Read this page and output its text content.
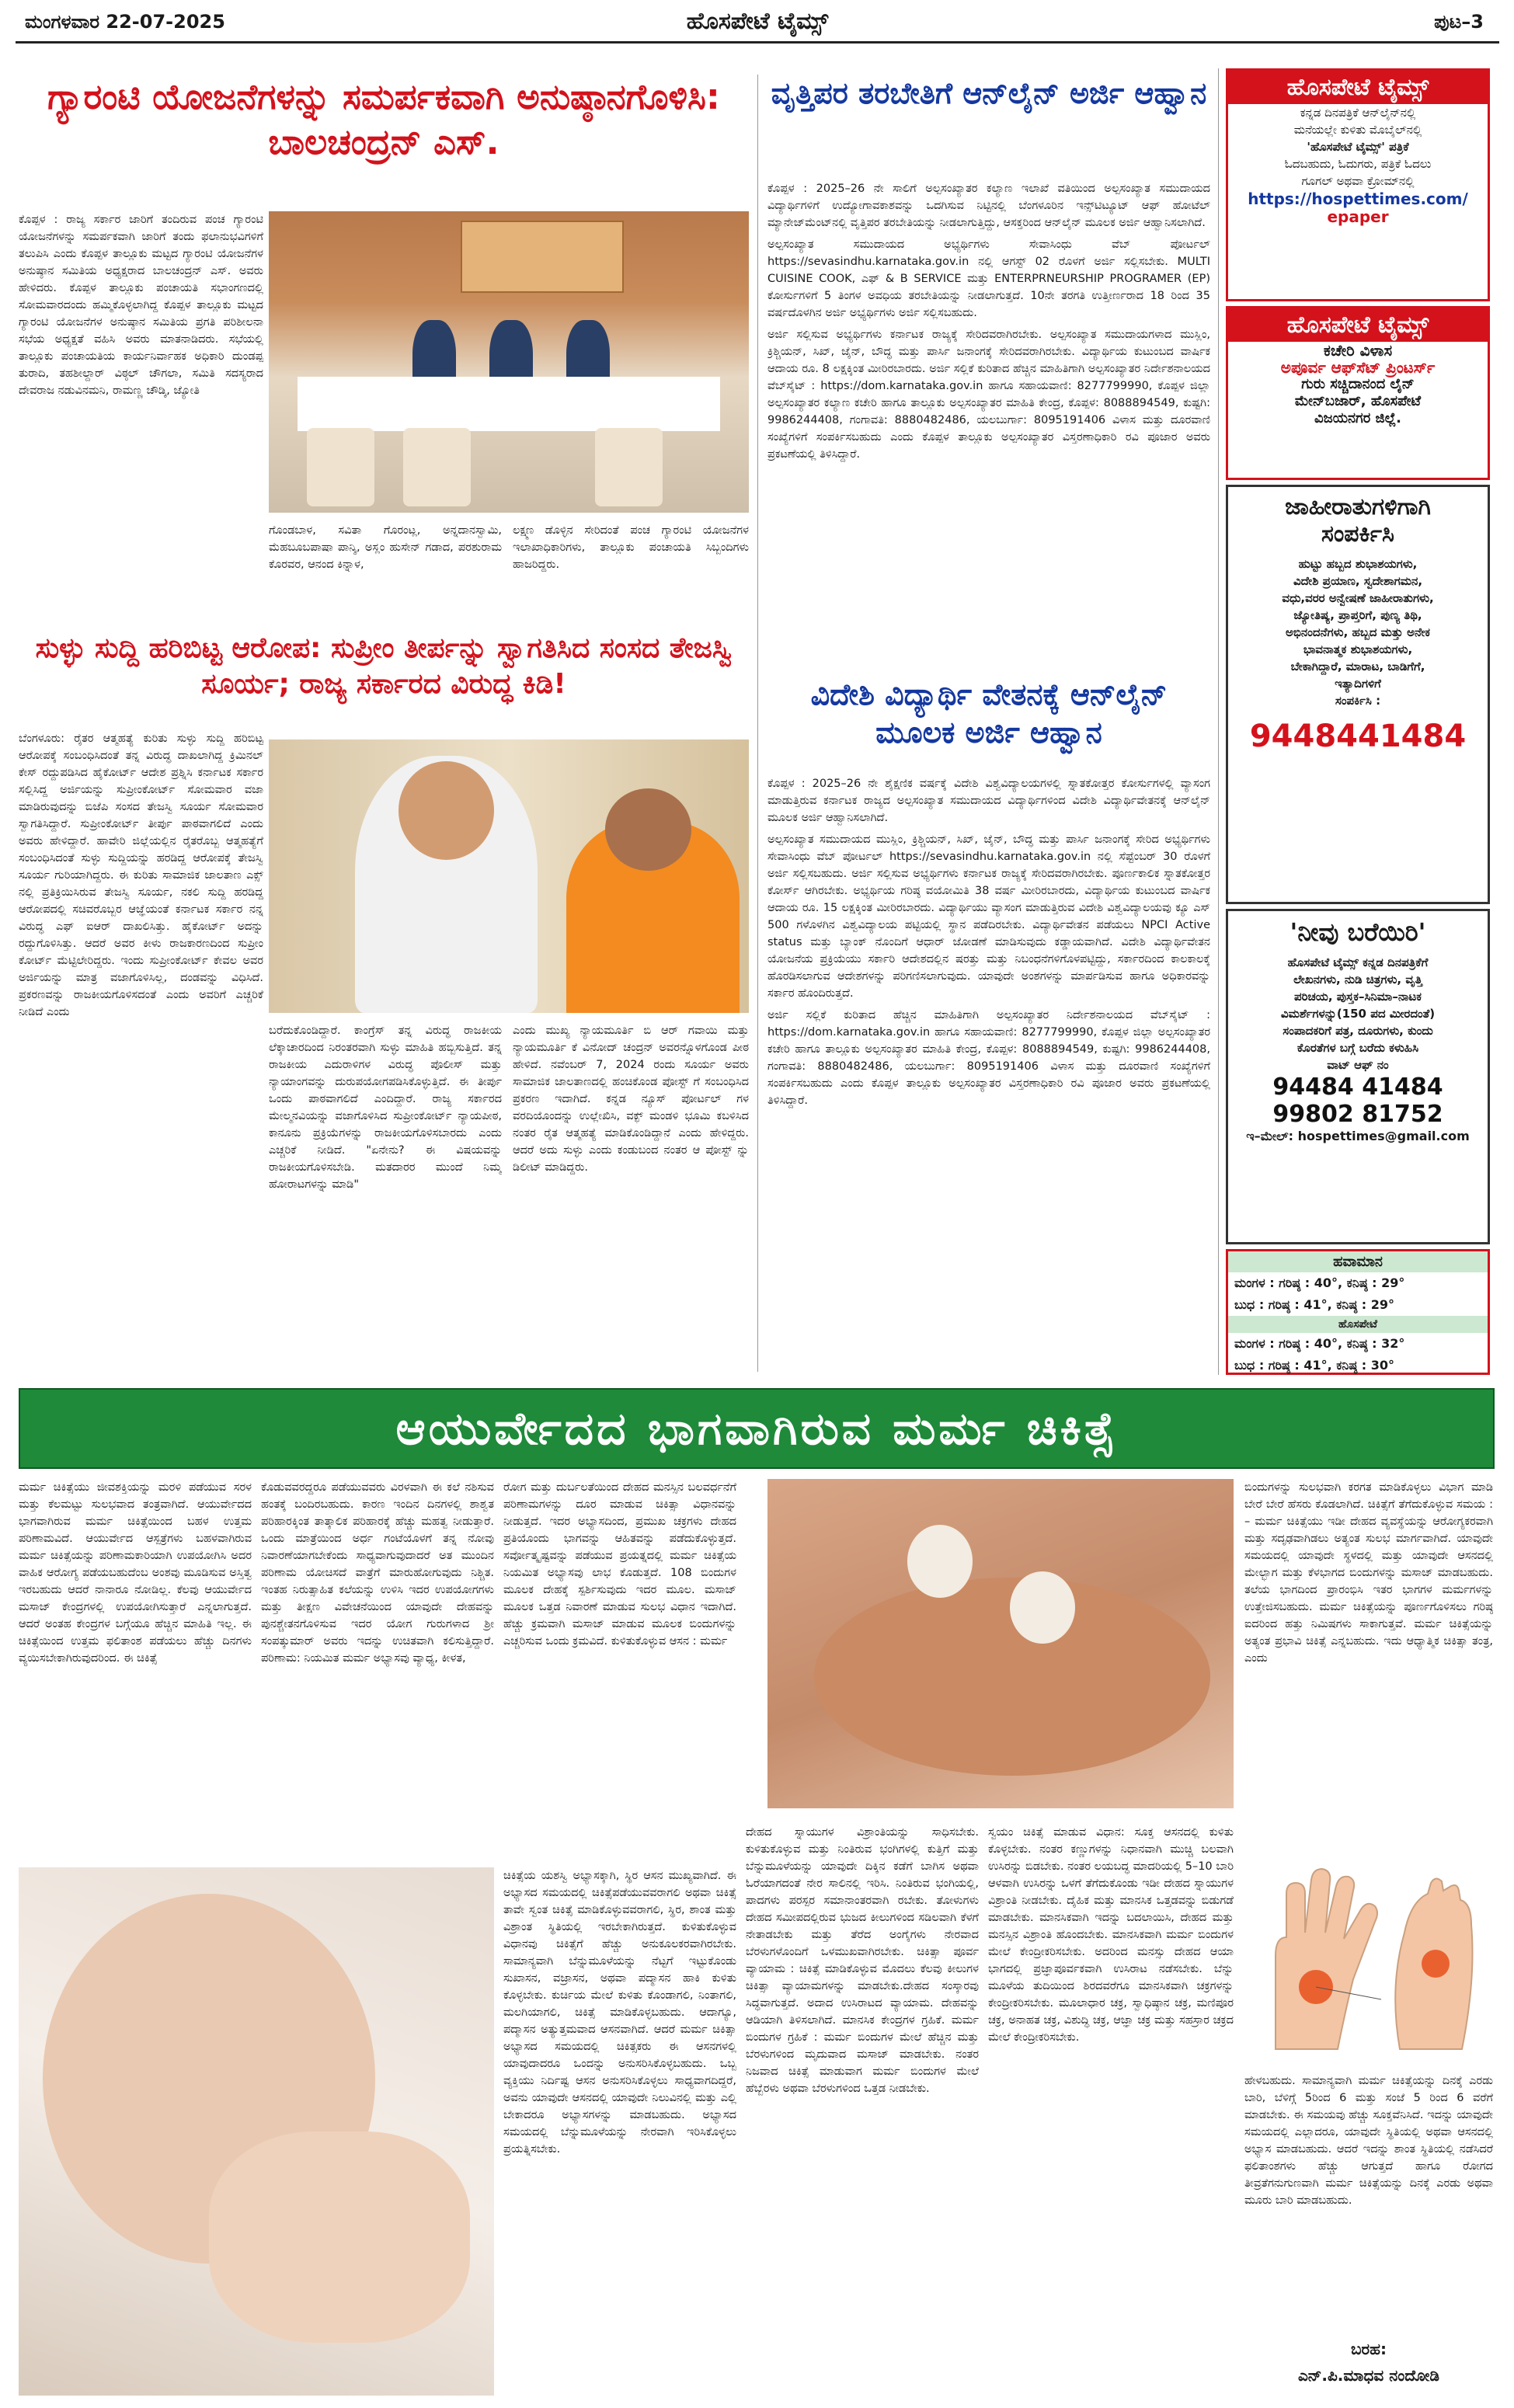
ಮಂಗಳವಾರ 22-07-2025	ಹೊಸಪೇಟೆ ಟೈಮ್ಸ್	ಪುಟ–3
ಗ್ಯಾರಂಟಿ ಯೋಜನೆಗಳನ್ನು ಸಮರ್ಪಕವಾಗಿ ಅನುಷ್ಠಾನಗೊಳಿಸಿ: ಬಾಲಚಂದ್ರನ್ ಎಸ್.
ಕೊಪ್ಪಳ : ರಾಜ್ಯ ಸರ್ಕಾರ ಜಾರಿಗೆ ತಂದಿರುವ ಪಂಚ ಗ್ಯಾರಂಟಿ ಯೋಜನೆಗಳನ್ನು ಸಮರ್ಪಕವಾಗಿ ಜಾರಿಗೆ ತಂದು ಫಲಾನುಭವಿಗಳಿಗೆ ತಲುಪಿಸಿ ಎಂದು ಕೊಪ್ಪಳ ತಾಲ್ಲೂಕು ಮಟ್ಟದ ಗ್ಯಾರಂಟಿ ಯೋಜನೆಗಳ ಅನುಷ್ಠಾನ ಸಮಿತಿಯ ಅಧ್ಯಕ್ಷರಾದ ಬಾಲಚಂದ್ರನ್ ಎಸ್. ಅವರು ಹೇಳಿದರು. ಕೊಪ್ಪಳ ತಾಲ್ಲೂಕು ಪಂಚಾಯತಿ ಸಭಾಂಗಣದಲ್ಲಿ ಸೋಮವಾರದಂದು ಹಮ್ಮಿಕೊಳ್ಳಲಾಗಿದ್ದ ಕೊಪ್ಪಳ ತಾಲ್ಲೂಕು ಮಟ್ಟದ ಗ್ಯಾರಂಟಿ ಯೋಜನೆಗಳ ಅನುಷ್ಠಾನ ಸಮಿತಿಯ ಪ್ರಗತಿ ಪರಿಶೀಲನಾ ಸಭೆಯ ಅಧ್ಯಕ್ಷತೆ ವಹಿಸಿ ಅವರು ಮಾತನಾಡಿದರು. ಸಭೆಯಲ್ಲಿ ತಾಲ್ಲೂಕು ಪಂಚಾಯತಿಯ ಕಾರ್ಯನಿರ್ವಾಹಕ ಅಧಿಕಾರಿ ದುಂಡಪ್ಪ ತುರಾದಿ, ತಹಶೀಲ್ದಾರ್ ವಿಠ್ಠಲ್ ಚೌಗಲಾ, ಸಮಿತಿ ಸದಸ್ಯರಾದ ದೇವರಾಜ ನಡುವಿನಮನಿ, ರಾಮಣ್ಣ ಚೌಡ್ಕಿ, ಜ್ಯೋತಿ
ಗೊಂಡಬಾಳ, ಸವಿತಾ ಗೊರಂಟ್ಲ, ಅನ್ನದಾನಸ್ವಾಮಿ, ಮೆಹಬೂಬಪಾಷಾ ಪಾನ್ಶಿ, ಅಸ್ಲಂ ಹುಸೇನ್ ಗಡಾದ, ಪರಶುರಾಮ ಕೊರವರ, ಆನಂದ ಕಿನ್ನಾಳ,
ಲಕ್ಷ್ಮಣ ಡೊಳ್ಳಿನ ಸೇರಿದಂತೆ ಪಂಚ ಗ್ಯಾರಂಟಿ ಯೋಜನೆಗಳ ಇಲಾಖಾಧಿಕಾರಿಗಳು, ತಾಲ್ಲೂಕು ಪಂಚಾಯತಿ ಸಿಬ್ಬಂದಿಗಳು ಹಾಜರಿದ್ದರು.
ಸುಳ್ಳು ಸುದ್ದಿ ಹರಿಬಿಟ್ಟ ಆರೋಪ: ಸುಪ್ರೀಂ ತೀರ್ಪನ್ನು ಸ್ವಾಗತಿಸಿದ ಸಂಸದ ತೇಜಸ್ವಿ ಸೂರ್ಯ; ರಾಜ್ಯ ಸರ್ಕಾರದ ವಿರುದ್ಧ ಕಿಡಿ!
ಬೆಂಗಳೂರು: ರೈತರ ಆತ್ಮಹತ್ಯೆ ಕುರಿತು ಸುಳ್ಳು ಸುದ್ದಿ ಹರಿಬಿಟ್ಟ ಆರೋಪಕ್ಕೆ ಸಂಬಂಧಿಸಿದಂತೆ ತನ್ನ ವಿರುದ್ಧ ದಾಖಲಾಗಿದ್ದ ಕ್ರಿಮಿನಲ್ ಕೇಸ್ ರದ್ದುಪಡಿಸಿದ ಹೈಕೋರ್ಟ್ ಆದೇಶ ಪ್ರಶ್ನಿಸಿ ಕರ್ನಾಟಕ ಸರ್ಕಾರ ಸಲ್ಲಿಸಿದ್ದ ಅರ್ಜಿಯನ್ನು ಸುಪ್ರೀಂಕೋರ್ಟ್ ಸೋಮವಾರ ವಜಾ ಮಾಡಿರುವುದನ್ನು ಬಿಜೆಪಿ ಸಂಸದ ತೇಜಸ್ವಿ ಸೂರ್ಯ ಸೋಮವಾರ ಸ್ವಾಗತಿಸಿದ್ದಾರೆ. ಸುಪ್ರೀಂಕೋರ್ಟ್ ತೀರ್ಪು ಪಾಠವಾಗಲಿದೆ ಎಂದು ಅವರು ಹೇಳಿದ್ದಾರೆ. ಹಾವೇರಿ ಜಿಲ್ಲೆಯಲ್ಲಿನ ರೈತರೊಬ್ಬ ಆತ್ಮಹತ್ಯೆಗೆ ಸಂಬಂಧಿಸಿದಂತೆ ಸುಳ್ಳು ಸುದ್ದಿಯನ್ನು ಹರಡಿದ್ದ ಆರೋಪಕ್ಕೆ ತೇಜಸ್ವಿ ಸೂರ್ಯ ಗುರಿಯಾಗಿದ್ದರು. ಈ ಕುರಿತು ಸಾಮಾಜಿಕ ಜಾಲತಾಣ ಎಕ್ಸ್ ನಲ್ಲಿ ಪ್ರತಿಕ್ರಿಯಿಸಿರುವ ತೇಜಸ್ವಿ ಸೂರ್ಯ, ನಕಲಿ ಸುದ್ದಿ ಹರಡಿದ್ದ ಆರೋಪದಲ್ಲಿ ಸಚಿವರೊಬ್ಬರ ಆಜ್ಞೆಯಂತೆ ಕರ್ನಾಟಕ ಸರ್ಕಾರ ನನ್ನ ವಿರುದ್ಧ ಎಫ್ ಐಆರ್ ದಾಖಲಿಸಿತ್ತು. ಹೈಕೋರ್ಟ್ ಅದನ್ನು ರದ್ದುಗೊಳಿಸಿತ್ತು. ಆದರೆ ಅವರ ಕೀಳು ರಾಜಕಾರಣದಿಂದ ಸುಪ್ರೀಂ ಕೋರ್ಟ್ ಮೆಟ್ಟಿಲೇರಿದ್ದರು. ಇಂದು ಸುಪ್ರೀಂಕೋರ್ಟ್ ಕೇವಲ ಅವರ ಅರ್ಜಿಯನ್ನು ಮಾತ್ರ ವಜಾಗೊಳಿಸಿಲ್ಲ, ದಂಡವನ್ನು ವಿಧಿಸಿದೆ. ಪ್ರಕರಣವನ್ನು ರಾಜಕೀಯಗೊಳಿಸದಂತೆ ಎಂದು ಅವರಿಗೆ ಎಚ್ಚರಿಕೆ ನೀಡಿದೆ ಎಂದು
ಬರೆದುಕೊಂಡಿದ್ದಾರೆ. ಕಾಂಗ್ರೆಸ್ ತನ್ನ ವಿರುದ್ಧ ರಾಜಕೀಯ ಲೆಕ್ಕಾಚಾರದಿಂದ ನಿರಂತರವಾಗಿ ಸುಳ್ಳು ಮಾಹಿತಿ ಹಬ್ಬಿಸುತ್ತಿದೆ. ತನ್ನ ರಾಜಕೀಯ ಎದುರಾಳಿಗಳ ವಿರುದ್ಧ ಪೊಲೀಸ್ ಮತ್ತು ನ್ಯಾಯಾಂಗವನ್ನು ದುರುಪಯೋಗಪಡಿಸಿಕೊಳ್ಳುತ್ತಿದೆ. ಈ ತೀರ್ಪು ಒಂದು ಪಾಠವಾಗಲಿದೆ ಎಂದಿದ್ದಾರೆ. ರಾಜ್ಯ ಸರ್ಕಾರದ ಮೇಲ್ಮನವಿಯನ್ನು ವಜಾಗೊಳಿಸಿದ ಸುಪ್ರೀಂಕೋರ್ಟ್ ನ್ಯಾಯಪೀಠ, ಕಾನೂನು ಪ್ರಕ್ರಿಯೆಗಳನ್ನು ರಾಜಕೀಯಗೊಳಿಸಬಾರದು ಎಂದು ಎಚ್ಚರಿಕೆ ನೀಡಿದೆ. "ಏನೇನು? ಈ ವಿಷಯವನ್ನು ರಾಜಕೀಯಗೊಳಿಸಬೇಡಿ. ಮತದಾರರ ಮುಂದೆ ನಿಮ್ಮ ಹೋರಾಟಗಳನ್ನು ಮಾಡಿ"
ಎಂದು ಮುಖ್ಯ ನ್ಯಾಯಮೂರ್ತಿ ಬಿ ಆರ್ ಗವಾಯಿ ಮತ್ತು ನ್ಯಾಯಮೂರ್ತಿ ಕೆ ವಿನೋದ್ ಚಂದ್ರನ್ ಅವರನ್ನೊಳಗೊಂಡ ಪೀಠ ಹೇಳಿದೆ. ನವೆಂಬರ್ 7, 2024 ರಂದು ಸೂರ್ಯ ಅವರು ಸಾಮಾಜಿಕ ಜಾಲತಾಣದಲ್ಲಿ ಹಂಚಿಕೊಂಡ ಪೋಸ್ಟ್ ಗೆ ಸಂಬಂಧಿಸಿದ ಪ್ರಕರಣ ಇದಾಗಿದೆ. ಕನ್ನಡ ನ್ಯೂಸ್ ಪೋರ್ಟಲ್ ಗಳ ವರದಿಯೊಂದನ್ನು ಉಲ್ಲೇಖಿಸಿ, ವಕ್ಫ್ ಮಂಡಳಿ ಭೂಮಿ ಕಬಳಿಸಿದ ನಂತರ ರೈತ ಆತ್ಮಹತ್ಯೆ ಮಾಡಿಕೊಂಡಿದ್ದಾನೆ ಎಂದು ಹೇಳಿದ್ದರು. ಆದರೆ ಅದು ಸುಳ್ಳು ಎಂದು ಕಂಡುಬಂದ ನಂತರ ಆ ಪೋಸ್ಟ್ ನ್ನು ಡಿಲೀಟ್ ಮಾಡಿದ್ದರು.
ವೃತ್ತಿಪರ ತರಬೇತಿಗೆ ಆನ್‌ಲೈನ್ ಅರ್ಜಿ ಆಹ್ವಾನ

ಕೊಪ್ಪಳ : 2025–26 ನೇ ಸಾಲಿಗೆ ಅಲ್ಪಸಂಖ್ಯಾತರ ಕಲ್ಯಾಣ ಇಲಾಖೆ ವತಿಯಿಂದ ಅಲ್ಪಸಂಖ್ಯಾತ ಸಮುದಾಯದ ವಿದ್ಯಾರ್ಥಿಗಳಿಗೆ ಉದ್ಯೋಗಾವಕಾಶವನ್ನು ಒದಗಿಸುವ ನಿಟ್ಟಿನಲ್ಲಿ ಬೆಂಗಳೂರಿನ ಇನ್ಸ್‌ಟಿಟ್ಯೂಟ್ ಆಫ್ ಹೋಟೆಲ್ ಮ್ಯಾನೇಜ್‌ಮೆಂಟ್‌ನಲ್ಲಿ ವೃತ್ತಿಪರ ತರಬೇತಿಯನ್ನು ನೀಡಲಾಗುತ್ತಿದ್ದು, ಆಸಕ್ತರಿಂದ ಆನ್‌ಲೈನ್ ಮೂಲಕ ಅರ್ಜಿ ಆಹ್ವಾನಿಸಲಾಗಿದೆ.

ಅಲ್ಪಸಂಖ್ಯಾತ ಸಮುದಾಯದ ಅಭ್ಯರ್ಥಿಗಳು ಸೇವಾಸಿಂಧು ವೆಬ್ ಪೋರ್ಟಲ್ https://sevasindhu.karnataka.gov.in ನಲ್ಲಿ ಆಗಸ್ಟ್ 02 ರೊಳಗೆ ಅರ್ಜಿ ಸಲ್ಲಿಸಬೇಕು. MULTI CUISINE COOK, ಎಫ್ & B SERVICE ಮತ್ತು ENTERPRNEURSHIP PROGRAMER (EP) ಕೋರ್ಸುಗಳಿಗೆ 5 ತಿಂಗಳ ಅವಧಿಯ ತರಬೇತಿಯನ್ನು ನೀಡಲಾಗುತ್ತದೆ. 10ನೇ ತರಗತಿ ಉತ್ತೀರ್ಣರಾದ 18 ರಿಂದ 35 ವರ್ಷದೊಳಗಿನ ಅರ್ಜಿ ಅಭ್ಯರ್ಥಿಗಳು ಅರ್ಜಿ ಸಲ್ಲಿಸಬಹುದು.

ಅರ್ಜಿ ಸಲ್ಲಿಸುವ ಅಭ್ಯರ್ಥಿಗಳು ಕರ್ನಾಟಕ ರಾಜ್ಯಕ್ಕೆ ಸೇರಿದವರಾಗಿರಬೇಕು. ಅಲ್ಪಸಂಖ್ಯಾತ ಸಮುದಾಯಗಳಾದ ಮುಸ್ಲಿಂ, ಕ್ರಿಶ್ಚಿಯನ್, ಸಿಖ್, ಜೈನ್, ಬೌದ್ಧ ಮತ್ತು ಪಾರ್ಸಿ ಜನಾಂಗಕ್ಕೆ ಸೇರಿದವರಾಗಿರಬೇಕು. ವಿದ್ಯಾರ್ಥಿಯ ಕುಟುಂಬದ ವಾರ್ಷಿಕ ಆದಾಯ ರೂ. 8 ಲಕ್ಷಕ್ಕಿಂತ ಮೀರಿರಬಾರದು. ಅರ್ಜಿ ಸಲ್ಲಿಕೆ ಕುರಿತಾದ ಹೆಚ್ಚಿನ ಮಾಹಿತಿಗಾಗಿ ಅಲ್ಪಸಂಖ್ಯಾತರ ನಿರ್ದೇಶನಾಲಯದ ವೆಬ್‌ಸೈಟ್ : https://dom.karnataka.gov.in ಹಾಗೂ ಸಹಾಯವಾಣಿ: 8277799990, ಕೊಪ್ಪಳ ಜಿಲ್ಲಾ ಅಲ್ಪಸಂಖ್ಯಾತರ ಕಲ್ಯಾಣ ಕಚೇರಿ ಹಾಗೂ ತಾಲ್ಲೂಕು ಅಲ್ಪಸಂಖ್ಯಾತರ ಮಾಹಿತಿ ಕೇಂದ್ರ, ಕೊಪ್ಪಳ: 8088894549, ಕುಷ್ಟಗಿ: 9986244408, ಗಂಗಾವತಿ: 8880482486, ಯಲಬುರ್ಗಾ: 8095191406 ವಿಳಾಸ ಮತ್ತು ದೂರವಾಣಿ ಸಂಖ್ಯೆಗಳಿಗೆ ಸಂಪರ್ಕಿಸಬಹುದು ಎಂದು ಕೊಪ್ಪಳ ತಾಲ್ಲೂಕು ಅಲ್ಪಸಂಖ್ಯಾತರ ವಿಸ್ತರಣಾಧಿಕಾರಿ ರವಿ ಪೂಜಾರ ಅವರು ಪ್ರಕಟಣೆಯಲ್ಲಿ ತಿಳಿಸಿದ್ದಾರೆ.

ವಿದೇಶಿ ವಿದ್ಯಾರ್ಥಿ ವೇತನಕ್ಕೆ ಆನ್‌ಲೈನ್ ಮೂಲಕ ಅರ್ಜಿ ಆಹ್ವಾನ

ಕೊಪ್ಪಳ : 2025–26 ನೇ ಶೈಕ್ಷಣಿಕ ವರ್ಷಕ್ಕೆ ವಿದೇಶಿ ವಿಶ್ವವಿದ್ಯಾಲಯಗಳಲ್ಲಿ ಸ್ನಾತಕೋತ್ತರ ಕೋರ್ಸುಗಳಲ್ಲಿ ವ್ಯಾಸಂಗ ಮಾಡುತ್ತಿರುವ ಕರ್ನಾಟಕ ರಾಜ್ಯದ ಅಲ್ಪಸಂಖ್ಯಾತ ಸಮುದಾಯದ ವಿದ್ಯಾರ್ಥಿಗಳಿಂದ ವಿದೇಶಿ ವಿದ್ಯಾರ್ಥಿವೇತನಕ್ಕೆ ಆನ್‌ಲೈನ್ ಮೂಲಕ ಅರ್ಜಿ ಆಹ್ವಾನಿಸಲಾಗಿದೆ.

ಅಲ್ಪಸಂಖ್ಯಾತ ಸಮುದಾಯದ ಮುಸ್ಲಿಂ, ಕ್ರಿಶ್ಚಿಯನ್, ಸಿಖ್, ಜೈನ್, ಬೌದ್ಧ ಮತ್ತು ಪಾರ್ಸಿ ಜನಾಂಗಕ್ಕೆ ಸೇರಿದ ಅಭ್ಯರ್ಥಿಗಳು ಸೇವಾಸಿಂಧು ವೆಬ್ ಪೋರ್ಟಲ್ https://sevasindhu.karnataka.gov.in ನಲ್ಲಿ ಸೆಪ್ಟೆಂಬರ್ 30 ರೊಳಗೆ ಅರ್ಜಿ ಸಲ್ಲಿಸಬಹುದು. ಅರ್ಜಿ ಸಲ್ಲಿಸುವ ಅಭ್ಯರ್ಥಿಗಳು ಕರ್ನಾಟಕ ರಾಜ್ಯಕ್ಕೆ ಸೇರಿದವರಾಗಿರಬೇಕು. ಪೂರ್ಣಕಾಲಿಕ ಸ್ನಾತಕೋತ್ತರ ಕೋರ್ಸ್ ಆಗಿರಬೇಕು. ಅಭ್ಯರ್ಥಿಯ ಗರಿಷ್ಠ ವಯೋಮಿತಿ 38 ವರ್ಷ ಮೀರಿರಬಾರದು, ವಿದ್ಯಾರ್ಥಿಯ ಕುಟುಂಬದ ವಾರ್ಷಿಕ ಆದಾಯ ರೂ. 15 ಲಕ್ಷಕ್ಕಿಂತ ಮೀರಿರಬಾರದು. ವಿದ್ಯಾರ್ಥಿಯು ವ್ಯಾಸಂಗ ಮಾಡುತ್ತಿರುವ ವಿದೇಶಿ ವಿಶ್ವವಿದ್ಯಾಲಯವು ಕ್ಯೂ ಎಸ್ 500 ಗಳೊಳಗಿನ ವಿಶ್ವವಿದ್ಯಾಲಯ ಪಟ್ಟಿಯಲ್ಲಿ ಸ್ಥಾನ ಪಡೆದಿರಬೇಕು. ವಿದ್ಯಾರ್ಥಿವೇತನ ಪಡೆಯಲು NPCI Active status ಮತ್ತು ಬ್ಯಾಂಕ್ ನೊಂದಿಗೆ ಆಧಾರ್ ಜೋಡಣೆ ಮಾಡಿಸುವುದು ಕಡ್ಡಾಯವಾಗಿದೆ. ವಿದೇಶಿ ವಿದ್ಯಾರ್ಥಿವೇತನ ಯೋಜನೆಯ ಪ್ರಕ್ರಿಯೆಯು ಸರ್ಕಾರಿ ಆದೇಶದಲ್ಲಿನ ಷರತ್ತು ಮತ್ತು ನಿಬಂಧನೆಗಳಿಗೊಳಪಟ್ಟಿದ್ದು, ಸರ್ಕಾರದಿಂದ ಕಾಲಕಾಲಕ್ಕೆ ಹೊರಡಿಸಲಾಗುವ ಆದೇಶಗಳನ್ನು ಪರಿಗಣಿಸಲಾಗುವುದು. ಯಾವುದೇ ಅಂಶಗಳನ್ನು ಮಾರ್ಪಡಿಸುವ ಹಾಗೂ ಅಧಿಕಾರವನ್ನು ಸರ್ಕಾರ ಹೊಂದಿರುತ್ತದೆ.

ಅರ್ಜಿ ಸಲ್ಲಿಕೆ ಕುರಿತಾದ ಹೆಚ್ಚಿನ ಮಾಹಿತಿಗಾಗಿ ಅಲ್ಪಸಂಖ್ಯಾತರ ನಿರ್ದೇಶನಾಲಯದ ವೆಬ್‌ಸೈಟ್ : https://dom.karnataka.gov.in ಹಾಗೂ ಸಹಾಯವಾಣಿ: 8277799990, ಕೊಪ್ಪಳ ಜಿಲ್ಲಾ ಅಲ್ಪಸಂಖ್ಯಾತರ ಕಚೇರಿ ಹಾಗೂ ತಾಲ್ಲೂಕು ಅಲ್ಪಸಂಖ್ಯಾತರ ಮಾಹಿತಿ ಕೇಂದ್ರ, ಕೊಪ್ಪಳ: 8088894549, ಕುಷ್ಟಗಿ: 9986244408, ಗಂಗಾವತಿ: 8880482486, ಯಲಬುರ್ಗಾ: 8095191406 ವಿಳಾಸ ಮತ್ತು ದೂರವಾಣಿ ಸಂಖ್ಯೆಗಳಿಗೆ ಸಂಪರ್ಕಿಸಬಹುದು ಎಂದು ಕೊಪ್ಪಳ ತಾಲ್ಲೂಕು ಅಲ್ಪಸಂಖ್ಯಾತರ ವಿಸ್ತರಣಾಧಿಕಾರಿ ರವಿ ಪೂಜಾರ ಅವರು ಪ್ರಕಟಣೆಯಲ್ಲಿ ತಿಳಿಸಿದ್ದಾರೆ.

ಹೊಸಪೇಟೆ ಟೈಮ್ಸ್
ಕನ್ನಡ ದಿನಪತ್ರಿಕೆ ಆನ್‌ಲೈನ್‌ನಲ್ಲಿ
ಮನೆಯಲ್ಲೇ ಕುಳಿತು ಮೊಬೈಲ್‌ನಲ್ಲಿ
'ಹೊಸಪೇಟೆ ಟೈಮ್ಸ್' ಪತ್ರಿಕೆ
ಓದಬಹುದು, ಓದುಗರು, ಪತ್ರಿಕೆ ಓದಲು
ಗೂಗಲ್ ಅಥವಾ ಕ್ರೋಮ್‌ನಲ್ಲಿ
https://hospettimes.com/
epaper
ಹೊಸಪೇಟೆ ಟೈಮ್ಸ್
ಕಚೇರಿ ವಿಳಾಸ
ಅಪೂರ್ವ ಆಫ್‌ಸೆಟ್ ಪ್ರಿಂಟರ್ಸ್
ಗುರು ಸಚ್ಚಿದಾನಂದ ಲೈನ್
ಮೇನ್‌ಬಜಾರ್, ಹೊಸಪೇಟೆ
ವಿಜಯನಗರ ಜಿಲ್ಲೆ.
ಜಾಹೀರಾತುಗಳಿಗಾಗಿ
ಸಂಪರ್ಕಿಸಿ
ಹುಟ್ಟು ಹಬ್ಬದ ಶುಭಾಶಯಗಳು,
ವಿದೇಶಿ ಪ್ರಯಾಣ, ಸ್ವದೇಶಾಗಮನ,
ವಧು,ವರರ ಅನ್ವೇಷಣೆ ಜಾಹೀರಾತುಗಳು,
ಜ್ಯೋತಿಷ್ಯ, ಪ್ರಾಪ್ತರಿಗೆ, ಪುಣ್ಯ ತಿಥಿ,
ಅಭಿನಂದನೆಗಳು, ಹಬ್ಬದ ಮತ್ತು ಅನೇಕ
ಭಾವನಾತ್ಮಕ ಶುಭಾಶಯಗಳು,
ಬೇಕಾಗಿದ್ದಾರೆ, ಮಾರಾಟ, ಬಾಡಿಗೆಗೆ,
ಇತ್ಯಾದಿಗಳಿಗೆ
ಸಂಪರ್ಕಿಸಿ :
9448441484
'ನೀವು ಬರೆಯಿರಿ'
ಹೊಸಪೇಟೆ ಟೈಮ್ಸ್ ಕನ್ನಡ ದಿನಪತ್ರಿಕೆಗೆ
ಲೇಖನಗಳು, ನುಡಿ ಚಿತ್ರಗಳು, ವೃತ್ತಿ
ಪರಿಚಯ, ಪುಸ್ತಕ–ಸಿನಿಮಾ–ನಾಟಕ
ವಿಮರ್ಶೆಗಳನ್ನು(150 ಪದ ಮೀರದಂತೆ)
ಸಂಪಾದಕರಿಗೆ ಪತ್ರ, ದೂರುಗಳು, ಕುಂದು
ಕೊರತೆಗಳ ಬಗ್ಗೆ ಬರೆದು ಕಳುಹಿಸಿ
ವಾಟ್ ಆಫ್ ನಂ
94484 41484
99802 81752
ಇ–ಮೇಲ್: hospettimes@gmail.com
ಹವಾಮಾನ
ಮಂಗಳ : ಗರಿಷ್ಠ : 40°, ಕನಿಷ್ಠ : 29°
ಬುಧ : ಗರಿಷ್ಠ : 41°, ಕನಿಷ್ಠ : 29°
ಹೊಸಪೇಟೆ
ಮಂಗಳ : ಗರಿಷ್ಠ : 40°, ಕನಿಷ್ಠ : 32°
ಬುಧ : ಗರಿಷ್ಠ : 41°, ಕನಿಷ್ಠ : 30°
ಆಯುರ್ವೇದದ ಭಾಗವಾಗಿರುವ ಮರ್ಮ ಚಿಕಿತ್ಸೆ
ಮರ್ಮ ಚಿಕಿತ್ಸೆಯು ಜೀವಶಕ್ತಿಯನ್ನು ಮರಳಿ ಪಡೆಯುವ ಸರಳ ಮತ್ತು ಕೆಲಮಟ್ಟು ಸುಲಭವಾದ ತಂತ್ರವಾಗಿದೆ. ಆಯುರ್ವೇದದ ಭಾಗವಾಗಿರುವ ಮರ್ಮ ಚಿಕಿತ್ಸೆಯಿಂದ ಬಹಳ ಉತ್ತಮ ಪರಿಣಾಮವಿದೆ. ಆಯುರ್ವೇದ ಆಸ್ಪತ್ರೆಗಳು ಬಹಳವಾಗಿರುವ ಮರ್ಮ ಚಿಕಿತ್ಸೆಯನ್ನು ಪರಿಣಾಮಕಾರಿಯಾಗಿ ಉಪಯೋಗಿಸಿ ಅದರ ವಾಹಿಕ ಆರೋಗ್ಯ ಪಡೆಯಬಹುದೆಂಬ ಅಂಶವು ಮೂಡಿಸುವ ಅಸ್ತಿತ್ವ ಇರಬಹುದು ಆದರೆ ನಾನಾರೂ ನೋಡಿಲ್ಲ. ಕೆಲವು ಆಯುರ್ವೇದ ಮಸಾಜ್ ಕೇಂದ್ರಗಳಲ್ಲಿ ಉಪಯೋಗಿಸುತ್ತಾರೆ ಎನ್ನಲಾಗುತ್ತದೆ. ಆದರೆ ಅಂತಹ ಕೇಂದ್ರಗಳ ಬಗ್ಗೆಯೂ ಹೆಚ್ಚಿನ ಮಾಹಿತಿ ಇಲ್ಲ. ಈ ಚಿಕಿತ್ಸೆಯಿಂದ ಉತ್ತಮ ಫಲಿತಾಂಶ ಪಡೆಯಲು ಹೆಚ್ಚು ದಿನಗಳು ವ್ಯಯಿಸಬೇಕಾಗಿರುವುದರಿಂದ. ಈ ಚಿಕಿತ್ಸೆ
ಕೊಡುವವರದ್ದರೂ ಪಡೆಯುವವರು ವಿರಳವಾಗಿ ಈ ಕಲೆ ನಶಿಸುವ ಹಂತಕ್ಕೆ ಬಂದಿರಬಹುದು. ಕಾರಣ ಇಂದಿನ ದಿನಗಳಲ್ಲಿ ಶಾಶ್ವತ ಪರಿಹಾರಕ್ಕಿಂತ ತಾತ್ಕಾಲಿಕ ಪರಿಹಾರಕ್ಕೆ ಹೆಚ್ಚು ಮಹತ್ವ ನೀಡುತ್ತಾರೆ. ಒಂದು ಮಾತ್ರೆಯಿಂದ ಅರ್ಧ ಗಂಟೆಯೊಳಗೆ ತನ್ನ ನೋವು ನಿವಾರಣೆಯಾಗಬೇಕೆಂದು ಸಾಧ್ಯವಾಗುವುದಾದರೆ ಅತ ಮುಂದಿನ ಪರಿಣಾಮ ಯೋಚಿಸದೆ ವಾತ್ರೆಗೆ ಮಾರುಹೋಗುವುದು ನಿಶ್ಚಿತ. ಇಂತಹ ನಿರುತ್ಸಾಹಿತ ಕಲೆಯನ್ನು ಉಳಿಸಿ ಇದರ ಉಪಯೋಗಗಳು ಮತ್ತು ತೀಕ್ಷಣ ವಿವೇಚನೆಯಿಂದ ಯಾವುದೇ ದೇಹವನ್ನು ಪುನಶ್ಚೇತನಗೊಳಿಸುವ ಇದರ ಯೋಗ ಗುರುಗಳಾದ ಶ್ರೀ ಸಂಪತ್ಕುಮಾರ್ ಅವರು ಇದನ್ನು ಉಚಿತವಾಗಿ ಕಲಿಸುತ್ತಿದ್ದಾರೆ. ಪರಿಣಾಮ: ನಿಯಮಿತ ಮರ್ಮ ಅಭ್ಯಾಸವು ವ್ಯಾಧ್ಯ, ಕೀಳತ,
ರೋಗ ಮತ್ತು ದುರ್ಬಲತೆಯಿಂದ ದೇಹದ ಮನಸ್ಸಿನ ಬಲವರ್ಧನೆಗೆ ಪರಿಣಾಮಗಳನ್ನು ದೂರ ಮಾಡುವ ಚಿಕಿತ್ಸಾ ವಿಧಾನವನ್ನು ನೀಡುತ್ತದೆ. ಇದರ ಅಭ್ಯಾಸದಿಂದ, ಪ್ರಮುಖ ಚಕ್ರಗಳು ದೇಹದ ಪ್ರತಿಯೊಂದು ಭಾಗವನ್ನು ಆಹಿತವನ್ನು ಪಡೆದುಕೊಳ್ಳುತ್ತದೆ. ಸರ್ವೋತ್ಕೃಷ್ಟವನ್ನು ಪಡೆಯುವ ಪ್ರಯತ್ನದಲ್ಲಿ ಮರ್ಮ ಚಿಕಿತ್ಸೆಯ ನಿಯಮಿತ ಅಭ್ಯಾಸವು ಲಾಭ ಕೊಡುತ್ತದೆ. 108 ಬಿಂದುಗಳ ಮೂಲಕ ದೇಹಕ್ಕೆ ಸ್ಪರ್ಶಿಸುವುದು ಇದರ ಮೂಲ. ಮಸಾಜ್ ಮೂಲಕ ಒತ್ತಡ ನಿವಾರಣೆ ಮಾಡುವ ಸುಲಭ ವಿಧಾನ ಇದಾಗಿದೆ. ಹೆಚ್ಚು ಕ್ರಮವಾಗಿ ಮಸಾಜ್ ಮಾಡುವ ಮೂಲಕ ಬಿಂದುಗಳನ್ನು ಎಚ್ಚರಿಸುವ ಒಂದು ಕ್ರಮವಿದೆ. ಕುಳಿತುಕೊಳ್ಳುವ ಆಸನ : ಮರ್ಮ
ಬಿಂದುಗಳನ್ನು ಸುಲಭವಾಗಿ ಕರಗತ ಮಾಡಿಕೊಳ್ಳಲು ವಿಭಾಗ ಮಾಡಿ ಬೇರೆ ಬೇರೆ ಹೆಸರು ಕೊಡಲಾಗಿದೆ. ಚಿಕಿತ್ಸೆಗೆ ತೆಗೆದುಕೊಳ್ಳುವ ಸಮಯ : – ಮರ್ಮ ಚಿಕಿತ್ಸೆಯು ಇಡೀ ದೇಹದ ವ್ಯವಸ್ಥೆಯನ್ನು ಆರೋಗ್ಯಕರವಾಗಿ ಮತ್ತು ಸದೃಢವಾಗಿಡಲು ಅತ್ಯಂತ ಸುಲಭ ಮಾರ್ಗವಾಗಿದೆ. ಯಾವುದೇ ಸಮಯದಲ್ಲಿ ಯಾವುದೇ ಸ್ಥಳದಲ್ಲಿ ಮತ್ತು ಯಾವುದೇ ಆಸನದಲ್ಲಿ ಮೇಲ್ಭಾಗ ಮತ್ತು ಕೆಳಭಾಗದ ಬಿಂದುಗಳನ್ನು ಮಸಾಜ್ ಮಾಡಬಹುದು. ತಲೆಯ ಭಾಗದಿಂದ ಪ್ರಾರಂಭಿಸಿ ಇತರ ಭಾಗಗಳ ಮರ್ಮಗಳನ್ನು ಉತ್ತೇಜಿಸಬಹುದು. ಮರ್ಮ ಚಿಕಿತ್ಸೆಯನ್ನು ಪೂರ್ಣಗೊಳಿಸಲು ಗರಿಷ್ಠ ಐದರಿಂದ ಹತ್ತು ನಿಮಿಷಗಳು ಸಾಕಾಗುತ್ತವೆ. ಮರ್ಮ ಚಿಕಿತ್ಸೆಯನ್ನು ಅತ್ಯಂತ ಪ್ರಭಾವಿ ಚಿಕಿತ್ಸೆ ಎನ್ನಬಹುದು. ಇದು ಆಧ್ಯಾತ್ಮಿಕ ಚಿಕಿತ್ಸಾ ತಂತ್ರ, ಎಂದು
ಚಿಕಿತ್ಸೆಯ ಯಶಸ್ವಿ ಅಭ್ಯಾಸಕ್ಕಾಗಿ, ಸ್ಥಿರ ಆಸನ ಮುಖ್ಯವಾಗಿದೆ. ಈ ಅಭ್ಯಾಸದ ಸಮಯದಲ್ಲಿ ಚಿಕಿತ್ಸೆಪಡೆಯುವವರಾಗಲಿ ಅಥವಾ ಚಿಕಿತ್ಸೆ ತಾವೇ ಸ್ವಂತ ಚಿಕಿತ್ಸೆ ಮಾಡಿಕೊಳ್ಳುವವರಾಗಲಿ, ಸ್ಥಿರ, ಶಾಂತ ಮತ್ತು ವಿಶ್ರಾಂತ ಸ್ಥಿತಿಯಲ್ಲಿ ಇರಬೇಕಾಗಿರುತ್ತದೆ. ಕುಳಿತುಕೊಳ್ಳುವ ವಿಧಾನವು ಚಿಕಿತ್ಸೆಗೆ ಹೆಚ್ಚು ಅನುಕೂಲಕರವಾಗಿರಬೇಕು. ಸಾಮಾನ್ಯವಾಗಿ ಬೆನ್ನುಮೂಳೆಯನ್ನು ನೆಟ್ಟಗೆ ಇಟ್ಟುಕೊಂಡು ಸುಖಾಸನ, ವಜ್ರಾಸನ, ಅಥವಾ ಪದ್ಮಾಸನ ಹಾಕಿ ಕುಳಿತು ಕೊಳ್ಳಬೇಕು. ಕುರ್ಚಿಯ ಮೇಲೆ ಕುಳಿತು ಕೊಂಡಾಗಲಿ, ನಿಂತಾಗಲಿ, ಮಲಗಿಯಾಗಲಿ, ಚಿಕಿತ್ಸೆ ಮಾಡಿಕೊಳ್ಳಬಹುದು. ಆದಾಗ್ಯೂ, ಪದ್ಮಾಸನ ಅತ್ಯುತ್ತಮವಾದ ಆಸನವಾಗಿದೆ. ಆದರೆ ಮರ್ಮ ಚಿಕಿತ್ಸಾ ಅಭ್ಯಾಸದ ಸಮಯದಲ್ಲಿ ಚಿಕಿತ್ಸಕರು ಈ ಆಸನಗಳಲ್ಲಿ ಯಾವುದಾದರೂ ಒಂದನ್ನು ಅನುಸರಿಸಿಕೊಳ್ಳಬಹುದು. ಒಬ್ಬ ವ್ಯಕ್ತಿಯು ನಿರ್ದಿಷ್ಟ ಆಸನ ಅನುಸರಿಸಿಕೊಳ್ಳಲು ಸಾಧ್ಯವಾಗದಿದ್ದರೆ, ಅವನು ಯಾವುದೇ ಆಸನದಲ್ಲಿ ಯಾವುದೇ ನಿಲುವಿನಲ್ಲಿ ಮತ್ತು ಎಲ್ಲಿ ಬೇಕಾದರೂ ಅಭ್ಯಾಸಗಳನ್ನು ಮಾಡಬಹುದು. ಅಭ್ಯಾಸದ ಸಮಯದಲ್ಲಿ ಬೆನ್ನುಮೂಳೆಯನ್ನು ನೇರವಾಗಿ ಇರಿಸಿಕೊಳ್ಳಲು ಪ್ರಯತ್ನಿಸಬೇಕು.
ದೇಹದ ಸ್ನಾಯುಗಳ ವಿಶ್ರಾಂತಿಯನ್ನು ಸಾಧಿಸಬೇಕು. ಕುಳಿತುಕೊಳ್ಳುವ ಮತ್ತು ನಿಂತಿರುವ ಭಂಗಿಗಳಲ್ಲಿ ಕುತ್ತಿಗೆ ಮತ್ತು ಬೆನ್ನುಮೂಳೆಯನ್ನು ಯಾವುದೇ ದಿಕ್ಕಿನ ಕಡೆಗೆ ಬಾಗಿಸ ಅಥವಾ ಓರೆಯಾಗದಂತೆ ನೇರ ಸಾಲಿನಲ್ಲಿ ಇರಿಸಿ. ನಿಂತಿರುವ ಭಂಗಿಯಲ್ಲಿ, ಪಾದಗಳು ಪರಸ್ಪರ ಸಮಾನಾಂತರವಾಗಿ ರಬೇಕು. ತೋಳುಗಳು ದೇಹದ ಸಮೀಪದಲ್ಲಿರುವ ಭುಜದ ಕೀಲುಗಳಿಂದ ಸಡಿಲವಾಗಿ ಕೆಳಗೆ ನೇತಾಡಬೇಕು ಮತ್ತು ತೆರೆದ ಅಂಗೈಗಳು ನೇರವಾದ ಬೆರಳುಗಳೊಂದಿಗೆ ಒಳಮುಖವಾಗಿರಬೇಕು. ಚಿಕಿತ್ಸಾ ಪೂರ್ವ ವ್ಯಾಯಾಮ : ಚಿಕಿತ್ಸೆ ಮಾಡಿಕೊಳ್ಳುವ ಮೊದಲು ಕೆಲವು ಕೀಲುಗಳ ಚಿಕಿತ್ಸಾ ವ್ಯಾಯಾಮಗಳನ್ನು ಮಾಡಬೇಕು.ದೇಹದ ಸಂಸ್ಕಾರವು ಸಿದ್ಧವಾಗುತ್ತದೆ. ಅದಾದ ಉಸಿರಾಟದ ವ್ಯಾಯಾಮ. ದೇಹವನ್ನು ಆಡಿಯಾಗಿ ತಿಳಿಸಲಾಗಿದೆ. ಮಾನಸಿಕ ಕೇಂದ್ರಗಳ ಗ್ರಹಿಕೆ. ಮರ್ಮ ಬಿಂದುಗಳ ಗ್ರಹಿಕೆ : ಮರ್ಮ ಬಿಂದುಗಳ ಮೇಲೆ ಹೆಚ್ಚಿನ ಮತ್ತು ಬೆರಳುಗಳಿಂದ ಮೃದುವಾದ ಮಸಾಜ್ ಮಾಡಬೇಕು. ನಂತರ ನಿಜವಾದ ಚಿಕಿತ್ಸೆ ಮಾಡುವಾಗ ಮರ್ಮ ಬಿಂದುಗಳ ಮೇಲೆ ಹೆಬ್ಬೆರಳು ಅಥವಾ ಬೆರಳುಗಳಿಂದ ಒತ್ತಡ ನೀಡಬೇಕು.
ಸ್ವಯಂ ಚಿಕಿತ್ಸೆ ಮಾಡುವ ವಿಧಾನ: ಸೂಕ್ತ ಆಸನದಲ್ಲಿ ಕುಳಿತು ಕೊಳ್ಳಬೇಕು. ನಂತರ ಕಣ್ಣುಗಳನ್ನು ನಿಧಾನವಾಗಿ ಮುಚ್ಚಿ ಬಲವಾಗಿ ಉಸಿರನ್ನು ಬಿಡಬೇಕು. ನಂತರ ಲಯಬದ್ಧ ಮಾದರಿಯಲ್ಲಿ 5–10 ಬಾರಿ ಆಳವಾಗಿ ಉಸಿರನ್ನು ಒಳಗೆ ತೆಗೆದುಕೊಂಡು ಇಡೀ ದೇಹದ ಸ್ನಾಯುಗಳ ವಿಶ್ರಾಂತಿ ನೀಡಬೇಕು. ದೈಹಿಕ ಮತ್ತು ಮಾನಸಿಕ ಒತ್ತಡವನ್ನು ಬಿಡುಗಡೆ ಮಾಡಬೇಕು. ಮಾನಸಿಕವಾಗಿ ಇದನ್ನು ಬದಲಾಯಿಸಿ, ದೇಹದ ಮತ್ತು ಮನಸ್ಸಿನ ವಿಶ್ರಾಂತಿ ಹೊಂದಬೇಕು. ಮಾನಸಿಕವಾಗಿ ಮರ್ಮ ಬಿಂದುಗಳ ಮೇಲೆ ಕೇಂದ್ರೀಕರಿಸಬೇಕು. ಅದರಿಂದ ಮನಸ್ಸು ದೇಹದ ಆಯಾ ಭಾಗದಲ್ಲಿ ಪ್ರಜ್ಞಾಪೂರ್ವಕವಾಗಿ ಉಸಿರಾಟ ನಡೆಸಬೇಕು. ಬೆನ್ನು ಮೂಳೆಯ ತುದಿಯಿಂದ ಶಿರದವರೆಗೂ ಮಾನಸಿಕವಾಗಿ ಚಕ್ರಗಳನ್ನು ಕೇಂದ್ರೀಕರಿಸಬೇಕು. ಮೂಲಾಧಾರ ಚಕ್ರ, ಸ್ವಾಧಿಷ್ಠಾನ ಚಕ್ರ, ಮಣಿಪೂರ ಚಕ್ರ, ಅನಾಹತ ಚಕ್ರ, ವಿಶುದ್ಧಿ ಚಕ್ರ, ಆಜ್ಞಾ ಚಕ್ರ ಮತ್ತು ಸಹಸ್ರಾರ ಚಕ್ರದ ಮೇಲೆ ಕೇಂದ್ರೀಕರಿಸಬೇಕು.
ಹೇಳಬಹುದು. ಸಾಮಾನ್ಯವಾಗಿ ಮರ್ಮ ಚಿಕಿತ್ಸೆಯನ್ನು ದಿನಕ್ಕೆ ಎರಡು ಬಾರಿ, ಬೆಳಿಗ್ಗೆ 5ರಿಂದ 6 ಮತ್ತು ಸಂಜೆ 5 ರಿಂದ 6 ವರೆಗೆ ಮಾಡಬೇಕು. ಈ ಸಮಯವು ಹೆಚ್ಚು ಸೂಕ್ತವೆನಿಸಿದೆ. ಇದನ್ನು ಯಾವುದೇ ಸಮಯದಲ್ಲಿ ಎಲ್ಲಾದರೂ, ಯಾವುದೇ ಸ್ಥಿತಿಯಲ್ಲಿ ಅಥವಾ ಆಸನದಲ್ಲಿ ಅಭ್ಯಾಸ ಮಾಡಬಹುದು. ಆದರೆ ಇದನ್ನು ಶಾಂತ ಸ್ಥಿತಿಯಲ್ಲಿ ನಡೆಸಿದರೆ ಫಲಿತಾಂಶಗಳು ಹೆಚ್ಚು ಆಗುತ್ತದೆ ಹಾಗೂ ರೋಗದ ತೀವ್ರತೆಗನುಗುಣವಾಗಿ ಮರ್ಮ ಚಿಕಿತ್ಸೆಯನ್ನು ದಿನಕ್ಕೆ ಎರಡು ಅಥವಾ ಮೂರು ಬಾರಿ ಮಾಡಬಹುದು.
ಬರಹ:
ಎನ್.ಪಿ.ಮಾಧವ ನಂದೋಡಿ
